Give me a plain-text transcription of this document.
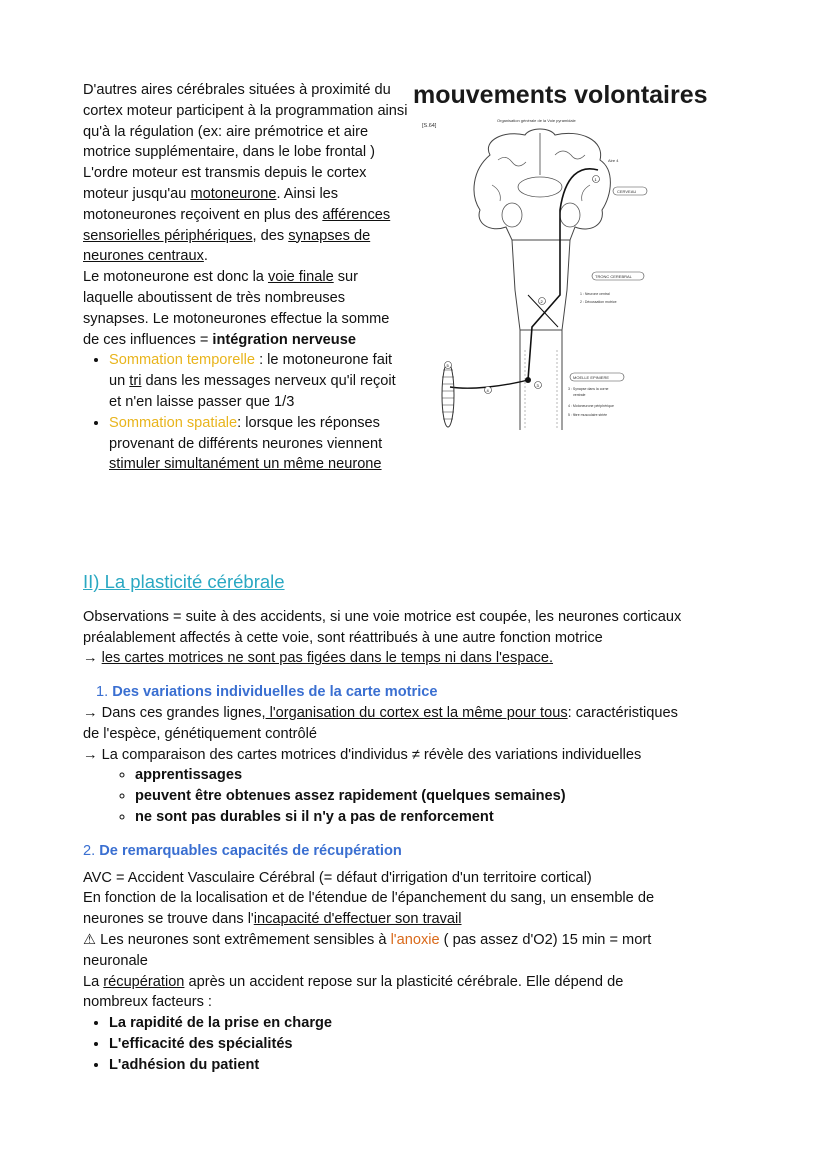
D'autres aires cérébrales situées à proximité du cortex moteur participent à la programmation ainsi qu'à la régulation (ex: aire prémotrice et aire motrice supplémentaire, dans le lobe frontal )
L'ordre moteur est transmis depuis le cortex moteur jusqu'au motoneurone. Ainsi les motoneurones reçoivent en plus des afférences sensorielles périphériques, des synapses de neurones centraux.
Le motoneurone est donc la voie finale sur laquelle aboutissent de très nombreuses synapses. Le motoneurones effectue la somme de ces influences = intégration nerveuse
• Sommation temporelle : le motoneurone fait un tri dans les messages nerveux qu'il reçoit et n'en laisse passer que 1/3
• Sommation spatiale: lorsque les réponses provenant de différents neurones viennent stimuler simultanément un même neurone
mouvements volontaires
[S.64]
Organisation générale de la Voie pyramidale
Aire 4
CERVEAU
TRONC CEREBRAL
1 : Neurone central
2 : Décussation motrice
MOELLE EPINIERE
3 : Synapse dans la corne
ventrale
4 : Motoneurone périphérique
5 : fibre musculaire striée
2
3
4
5
1
II) La plasticité cérébrale
Observations = suite à des accidents, si une voie motrice est coupée, les neurones corticaux
préalablement affectés à cette voie, sont réattribués à une autre fonction motrice
→ les cartes motrices ne sont pas figées dans le temps ni dans l'espace.
1. Des variations individuelles de la carte motrice
→ Dans ces grandes lignes, l'organisation du cortex est la même pour tous: caractéristiques
de l'espèce, génétiquement contrôlé
→ La comparaison des cartes motrices d'individus ≠ révèle des variations individuelles
◦ apprentissages
◦ peuvent être obtenues assez rapidement (quelques semaines)
◦ ne sont pas durables si il n'y a pas de renforcement
2. De remarquables capacités de récupération
AVC = Accident Vasculaire Cérébral (= défaut d'irrigation d'un territoire cortical)
En fonction de la localisation et de l'étendue de l'épanchement du sang, un ensemble de
neurones se trouve dans l'incapacité d'effectuer son travail
⚠ Les neurones sont extrêmement sensibles à l'anoxie ( pas assez d'O2) 15 min = mort
neuronale
La récupération après un accident repose sur la plasticité cérébrale. Elle dépend de
nombreux facteurs :
• La rapidité de la prise en charge
• L'efficacité des spécialités
• L'adhésion du patient
